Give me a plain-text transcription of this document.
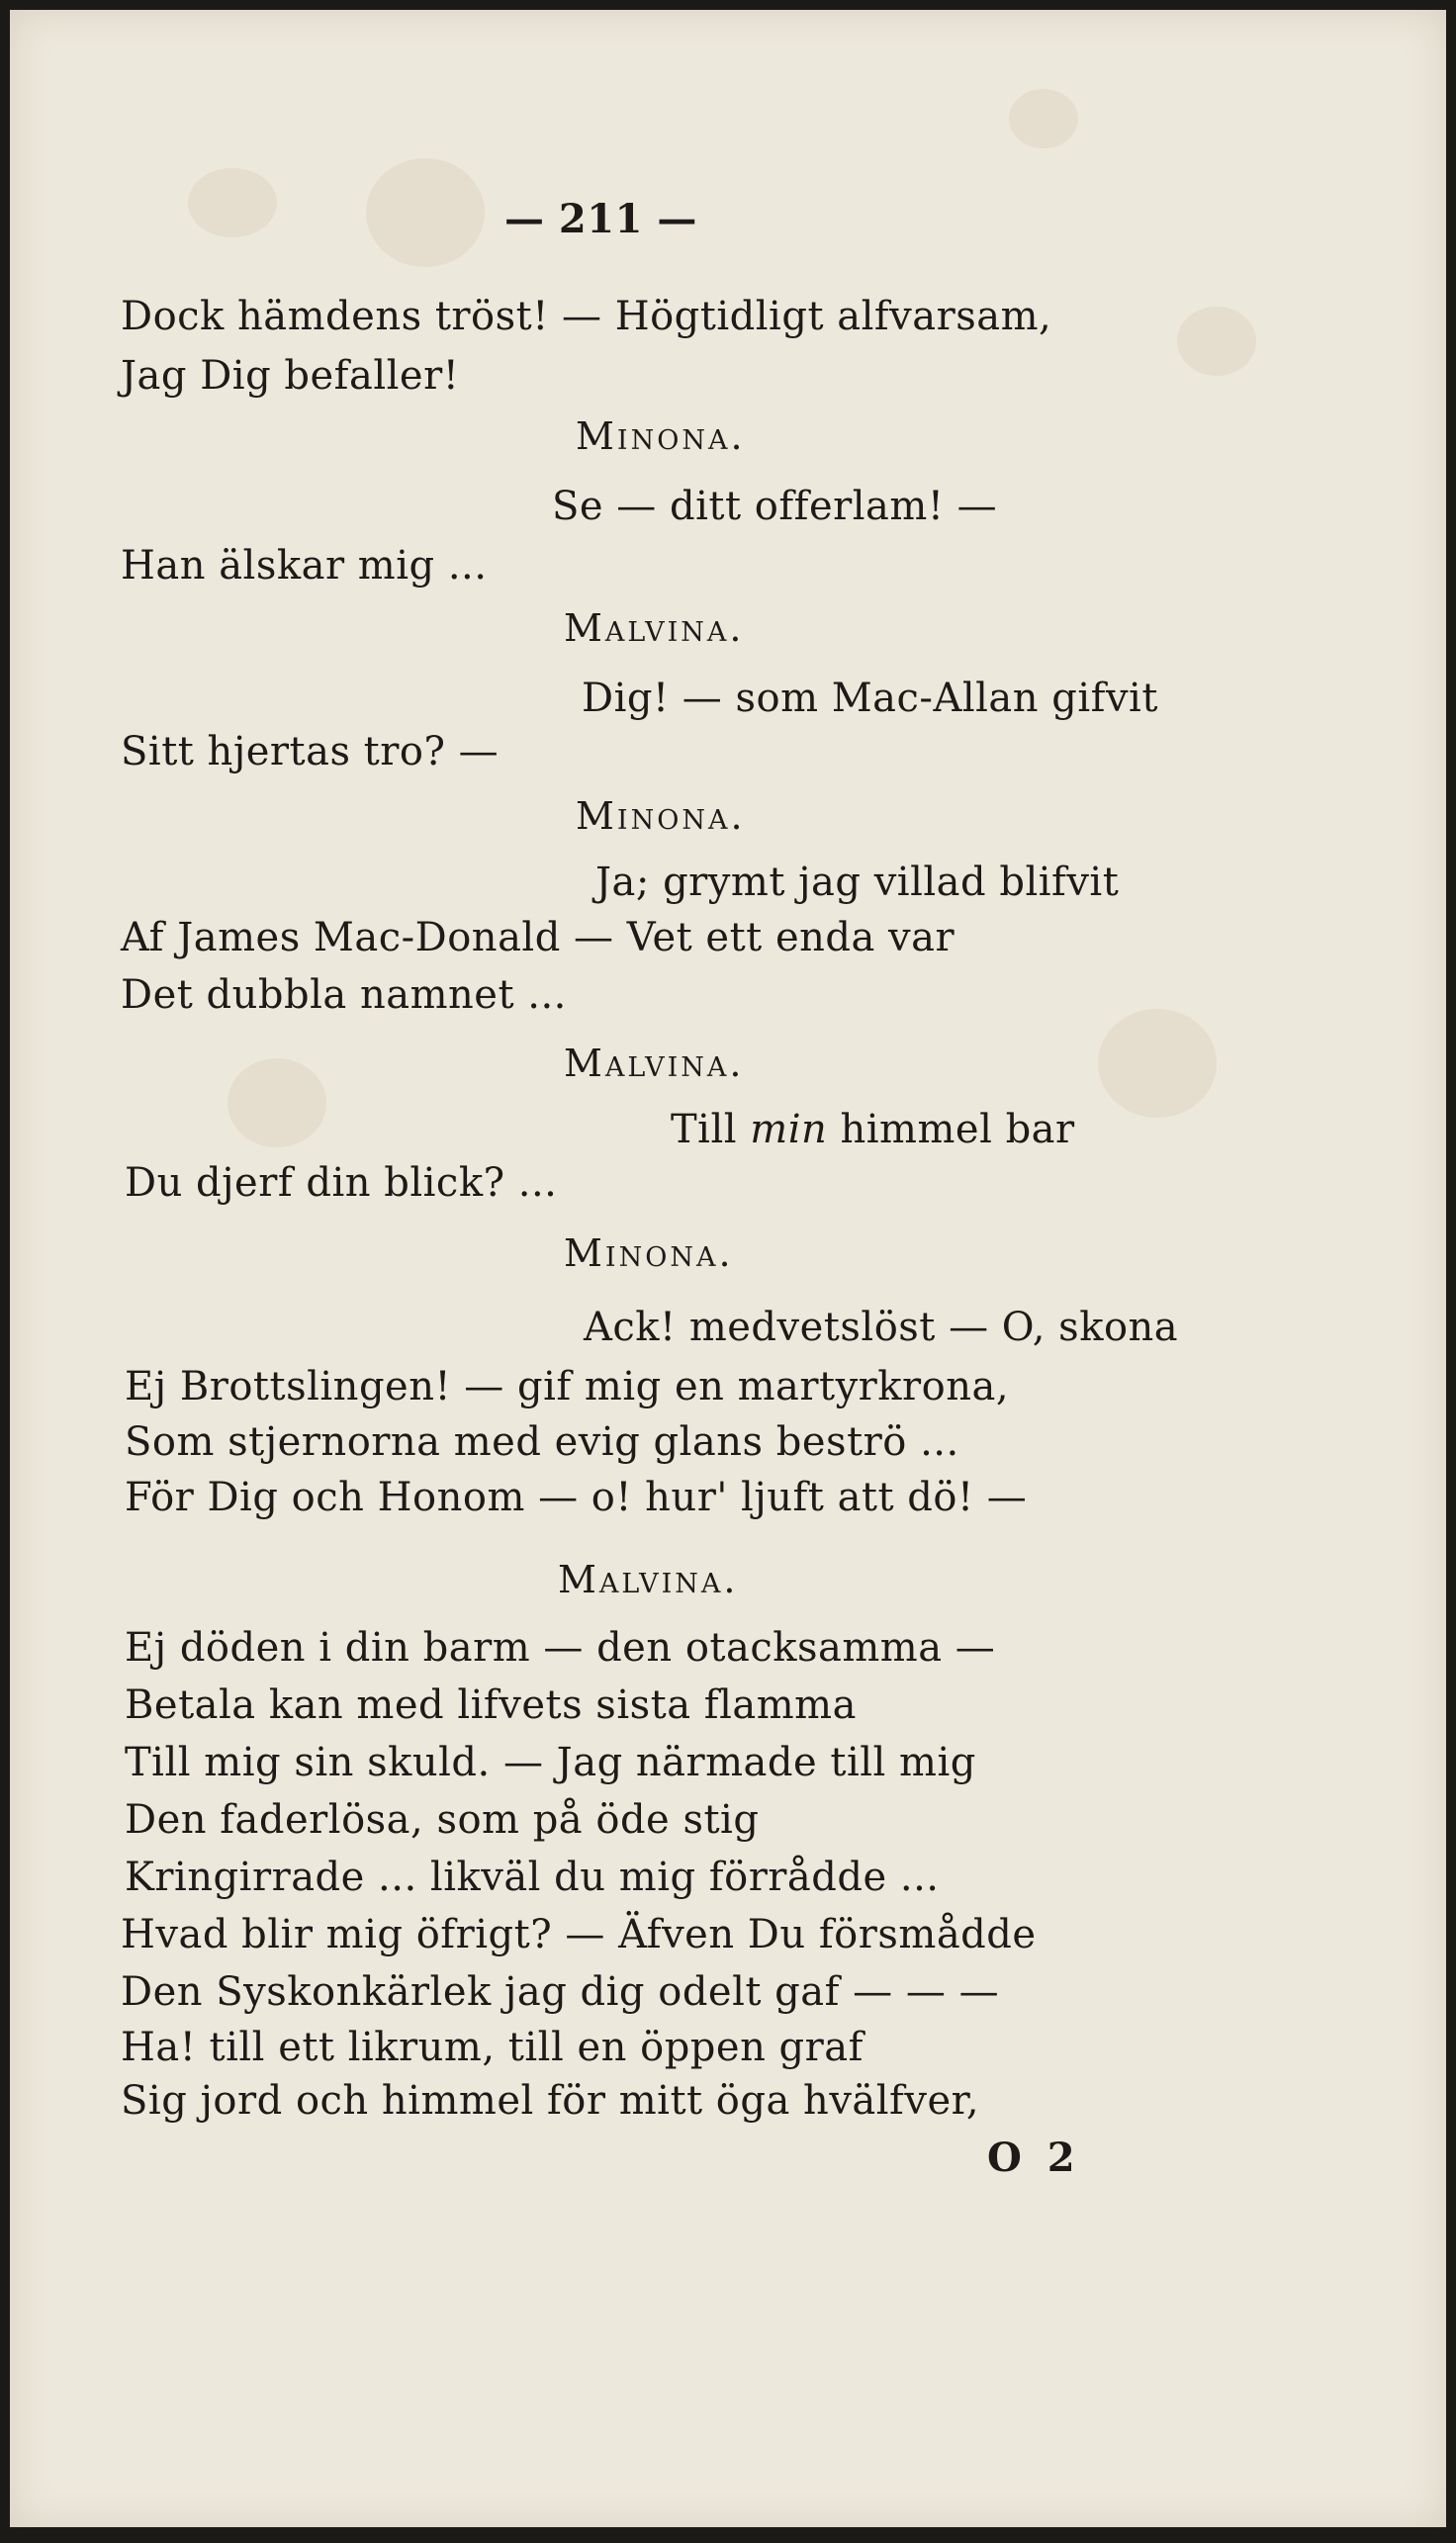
— 211 —
Dock hämdens tröst! — Högtidligt alfvarsam,
Jag Dig befaller!
Minona.
Se — ditt offerlam! —
Han älskar mig ...
Malvina.
Dig! — som Mac-Allan gifvit
Sitt hjertas tro? —
Minona.
Ja; grymt jag villad blifvit
Af James Mac-Donald — Vet ett enda var
Det dubbla namnet ...
Malvina.
Till min himmel bar
Du djerf din blick? ...
Minona.
Ack! medvetslöst — O, skona
Ej Brottslingen! — gif mig en martyrkrona,
Som stjernorna med evig glans beströ ...
För Dig och Honom — o! hur' ljuft att dö! —
Malvina.
Ej döden i din barm — den otacksamma —
Betala kan med lifvets sista flamma
Till mig sin skuld. — Jag närmade till mig
Den faderlösa, som på öde stig
Kringirrade ... likväl du mig förrådde ...
Hvad blir mig öfrigt? — Äfven Du försmådde
Den Syskonkärlek jag dig odelt gaf — — —
Ha! till ett likrum, till en öppen graf
Sig jord och himmel för mitt öga hvälfver,
O 2
